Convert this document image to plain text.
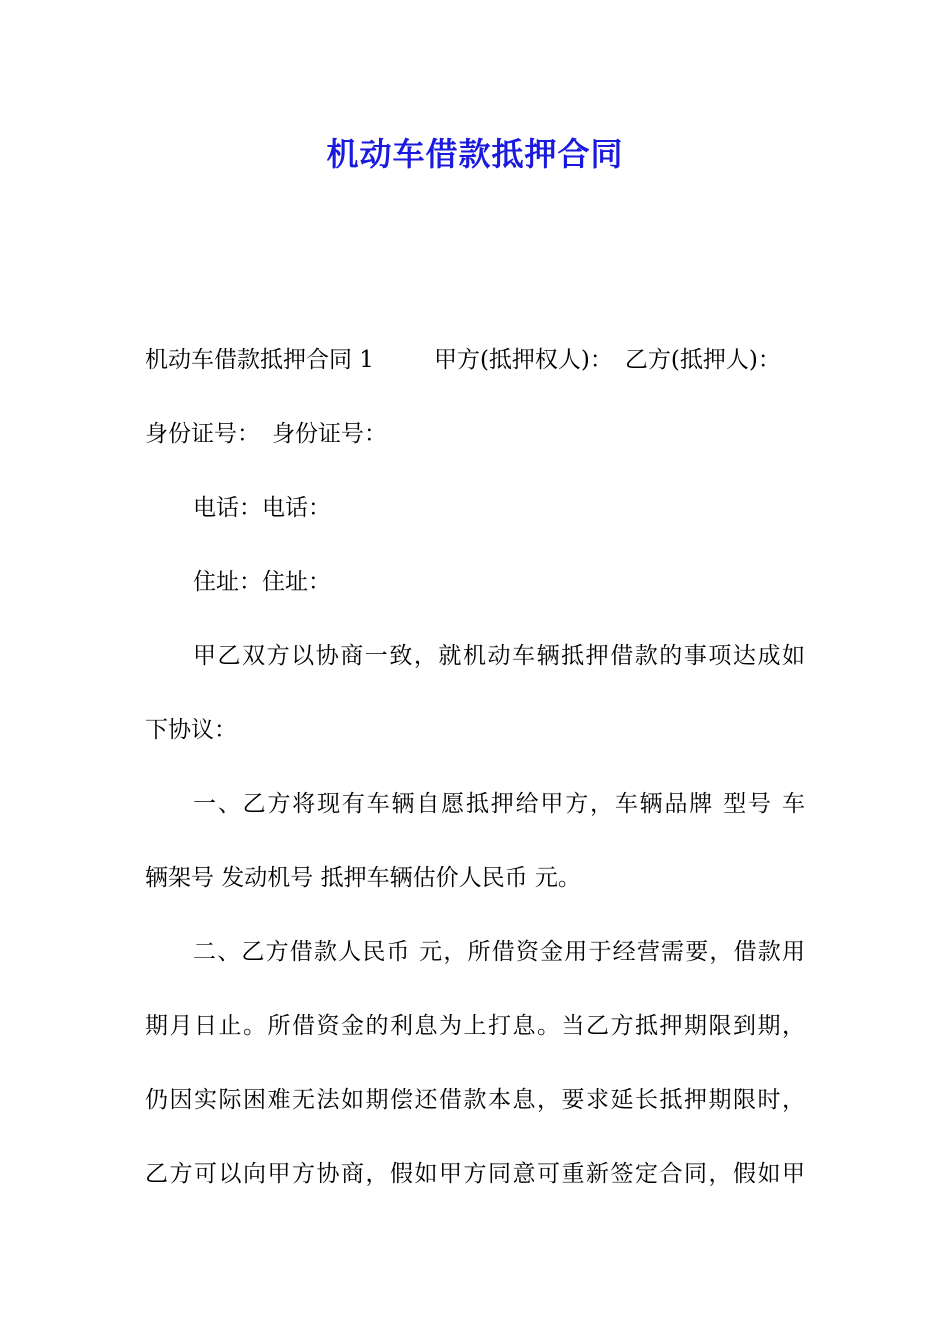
机动车借款抵押合同
机动车借款抵押合同 1	甲方(抵押权人)： 乙方(抵押人)：
身份证号： 身份证号：
电话：电话：
住址：住址：
甲乙双方以协商一致，就机动车辆抵押借款的事项达成如
下协议：
一、乙方将现有车辆自愿抵押给甲方，车辆品牌 型号 车
辆架号 发动机号 抵押车辆估价人民币 元。
二、乙方借款人民币 元，所借资金用于经营需要，借款用
期月日止。所借资金的利息为上打息。当乙方抵押期限到期，
仍因实际困难无法如期偿还借款本息，要求延长抵押期限时，
乙方可以向甲方协商，假如甲方同意可重新签定合同，假如甲
